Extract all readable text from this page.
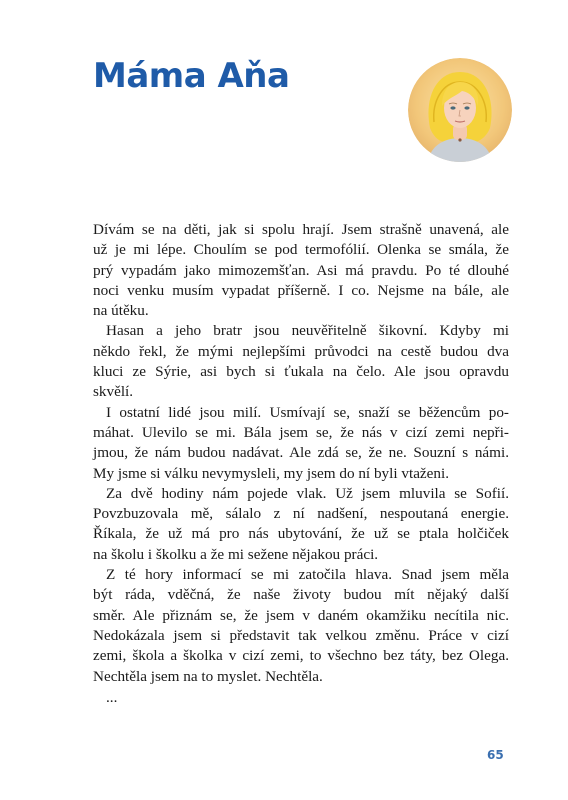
Máma Aňa
Dívám se na děti, jak si spolu hrají. Jsem strašně unavená, ale
už je mi lépe. Choulím se pod termofólií. Olenka se smála, že
prý vypadám jako mimozemšťan. Asi má pravdu. Po té dlouhé
noci venku musím vypadat příšerně. I co. Nejsme na bále, ale
na útěku.
Hasan a jeho bratr jsou neuvěřitelně šikovní. Kdyby mi
někdo řekl, že mými nejlepšími průvodci na cestě budou dva
kluci ze Sýrie, asi bych si ťukala na čelo. Ale jsou opravdu
skvělí.
I ostatní lidé jsou milí. Usmívají se, snaží se běžencům po-
máhat. Ulevilo se mi. Bála jsem se, že nás v cizí zemi nepři-
jmou, že nám budou nadávat. Ale zdá se, že ne. Souzní s námi.
My jsme si válku nevymysleli, my jsem do ní byli vtaženi.
Za dvě hodiny nám pojede vlak. Už jsem mluvila se Sofií.
Povzbuzovala mě, sálalo z ní nadšení, nespoutaná energie.
Říkala, že už má pro nás ubytování, že už se ptala holčiček
na školu i školku a že mi sežene nějakou práci.
Z té hory informací se mi zatočila hlava. Snad jsem měla
být ráda, vděčná, že naše životy budou mít nějaký další
směr. Ale přiznám se, že jsem v daném okamžiku necítila nic.
Nedokázala jsem si představit tak velkou změnu. Práce v cizí
zemi, škola a školka v cizí zemi, to všechno bez táty, bez Olega.
Nechtěla jsem na to myslet. Nechtěla.
...
65
